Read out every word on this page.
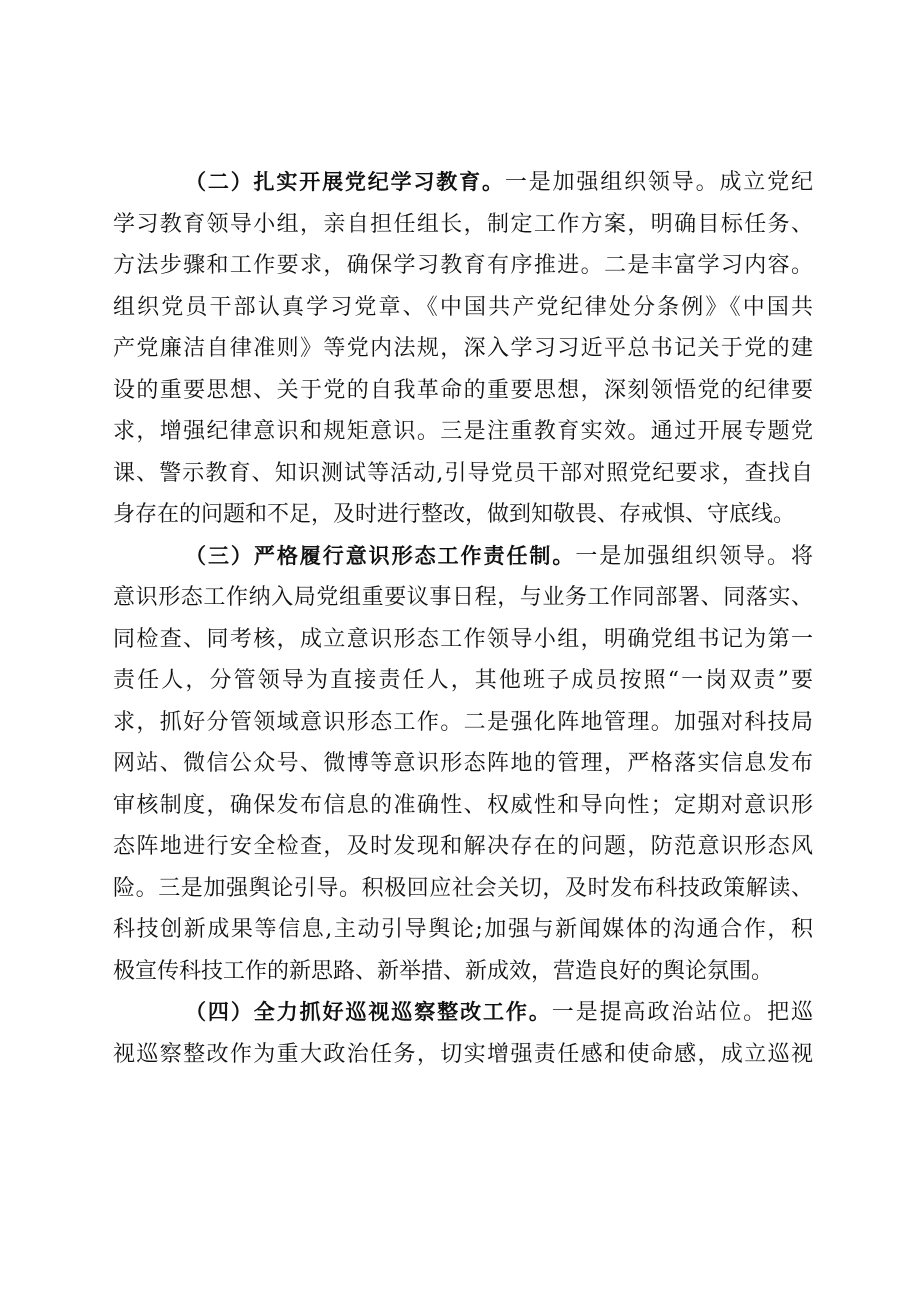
（二）扎实开展党纪学习教育。一是加强组织领导。成立党纪
学习教育领导小组，亲自担任组长，制定工作方案，明确目标任务、
方法步骤和工作要求，确保学习教育有序推进。二是丰富学习内容。
组织党员干部认真学习党章、《中国共产党纪律处分条例》《中国共
产党廉洁自律准则》等党内法规，深入学习习近平总书记关于党的建
设的重要思想、关于党的自我革命的重要思想，深刻领悟党的纪律要
求，增强纪律意识和规矩意识。三是注重教育实效。通过开展专题党
课、警示教育、知识测试等活动,引导党员干部对照党纪要求，查找自
身存在的问题和不足，及时进行整改，做到知敬畏、存戒惧、守底线。
（三）严格履行意识形态工作责任制。一是加强组织领导。将
意识形态工作纳入局党组重要议事日程，与业务工作同部署、同落实、
同检查、同考核，成立意识形态工作领导小组，明确党组书记为第一
责任人，分管领导为直接责任人，其他班子成员按照“一岗双责”要
求，抓好分管领域意识形态工作。二是强化阵地管理。加强对科技局
网站、微信公众号、微博等意识形态阵地的管理，严格落实信息发布
审核制度，确保发布信息的准确性、权威性和导向性；定期对意识形
态阵地进行安全检查，及时发现和解决存在的问题，防范意识形态风
险。三是加强舆论引导。积极回应社会关切，及时发布科技政策解读、
科技创新成果等信息,主动引导舆论;加强与新闻媒体的沟通合作，积
极宣传科技工作的新思路、新举措、新成效，营造良好的舆论氛围。
（四）全力抓好巡视巡察整改工作。一是提高政治站位。把巡
视巡察整改作为重大政治任务，切实增强责任感和使命感，成立巡视
